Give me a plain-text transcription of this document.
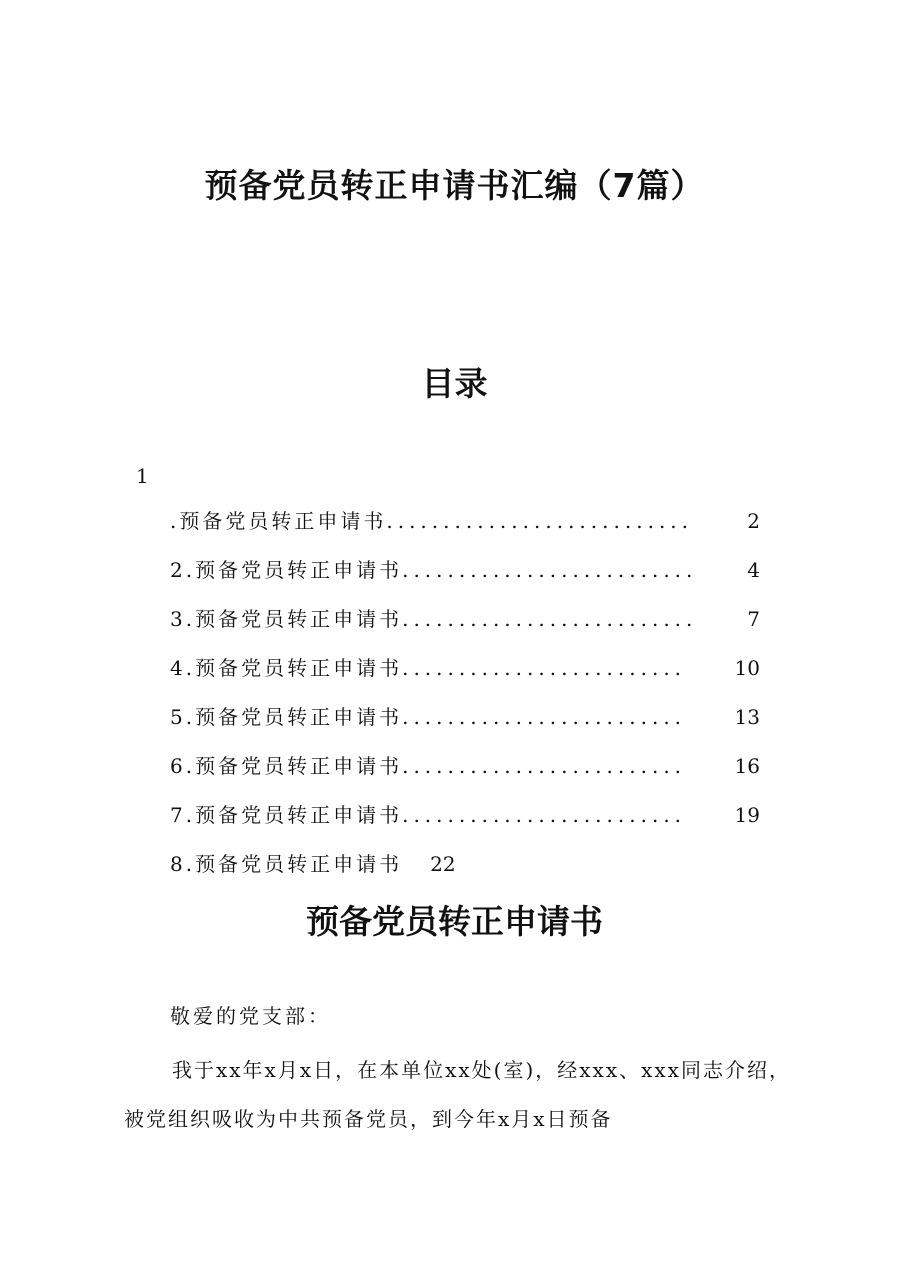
预备党员转正申请书汇编（7篇）
目录
1
.预备党员转正申请书 ...........................	2
2.预备党员转正申请书 ..........................	4
3.预备党员转正申请书 ..........................	7
4.预备党员转正申请书 .........................	10
5.预备党员转正申请书 .........................	13
6.预备党员转正申请书 .........................	16
7.预备党员转正申请书 .........................	19
8.预备党员转正申请书 22
预备党员转正申请书
敬爱的党支部：

我于xx年x月x日，在本单位xx处(室)，经xxx、xxx同志介绍，被党组织吸收为中共预备党员，到今年x月x日预备
